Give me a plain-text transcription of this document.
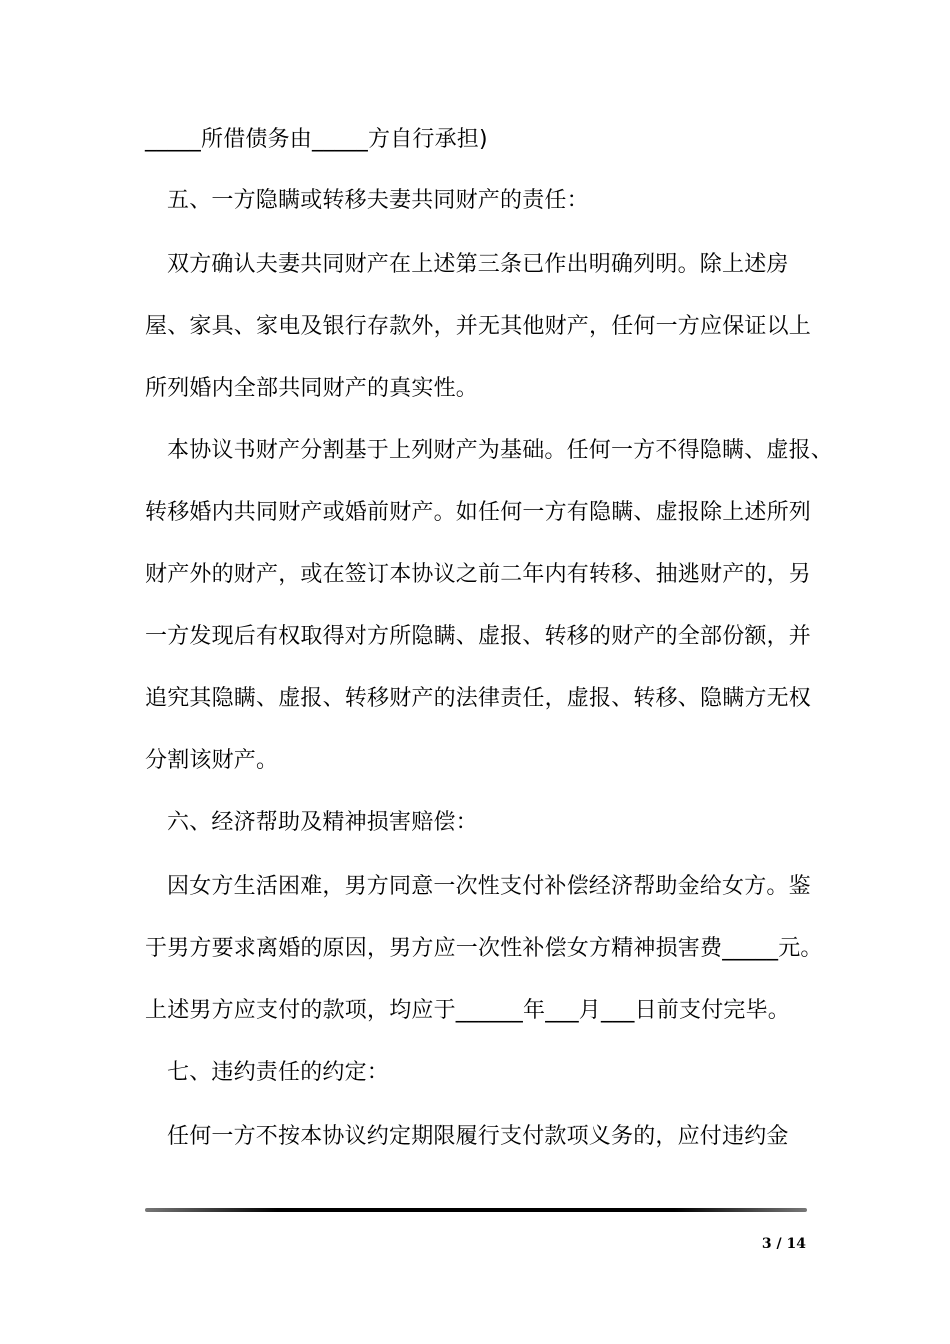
_____所借债务由_____方自行承担)
五、一方隐瞒或转移夫妻共同财产的责任：
双方确认夫妻共同财产在上述第三条已作出明确列明。除上述房
屋、家具、家电及银行存款外，并无其他财产，任何一方应保证以上
所列婚内全部共同财产的真实性。
本协议书财产分割基于上列财产为基础。任何一方不得隐瞒、虚报、
转移婚内共同财产或婚前财产。如任何一方有隐瞒、虚报除上述所列
财产外的财产，或在签订本协议之前二年内有转移、抽逃财产的，另
一方发现后有权取得对方所隐瞒、虚报、转移的财产的全部份额，并
追究其隐瞒、虚报、转移财产的法律责任，虚报、转移、隐瞒方无权
分割该财产。
六、经济帮助及精神损害赔偿：
因女方生活困难，男方同意一次性支付补偿经济帮助金给女方。鉴
于男方要求离婚的原因，男方应一次性补偿女方精神损害费_____元。
上述男方应支付的款项，均应于______年___月___日前支付完毕。
七、违约责任的约定：
任何一方不按本协议约定期限履行支付款项义务的，应付违约金
3 / 14
